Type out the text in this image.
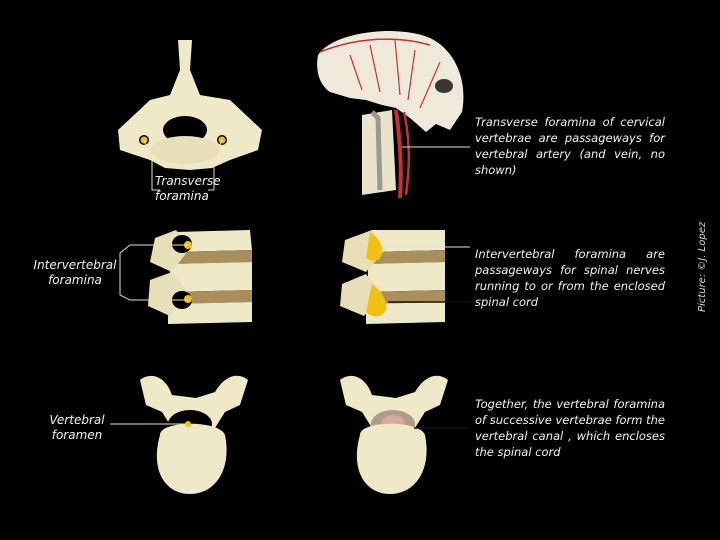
Transverse
foramina
Intervertebral
foramina
Vertebral
foramen
Transverse foramina of cervical vertebrae are passageways for vertebral artery (and vein, no shown)
Intervertebral foramina are passageways for spinal nerves running to or from the enclosed spinal cord
Together, the vertebral foramina of successive vertebrae form the vertebral canal , which encloses the spinal cord
Picture: ©J. Lopez
